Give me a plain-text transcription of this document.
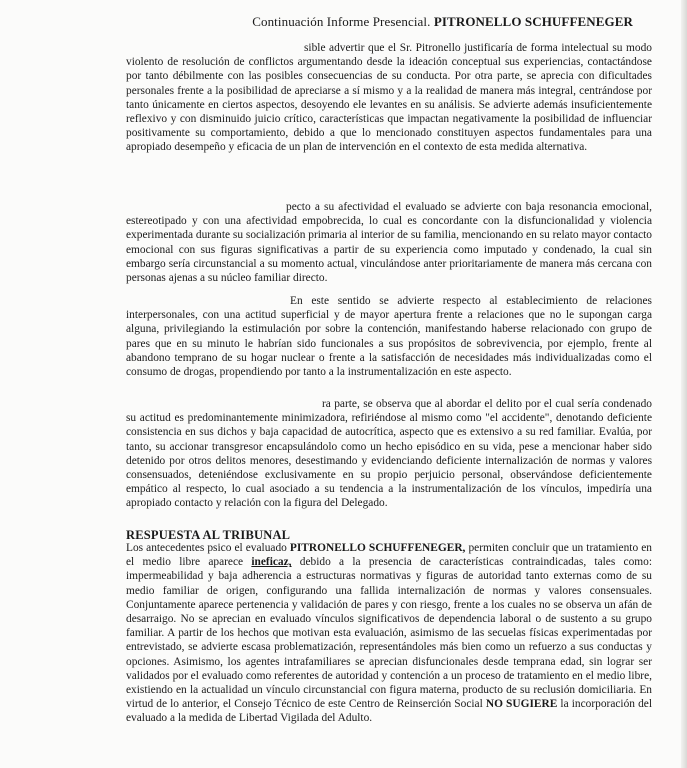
Continuación Informe Presencial. PITRONELLO SCHUFFENEGER
sible advertir que el Sr. Pitronello justificaría de forma intelectual su modo violento de resolución de conflictos argumentando desde la ideación conceptual sus experiencias, contactándose por tanto débilmente con las posibles consecuencias de su conducta. Por otra parte, se aprecia con dificultades personales frente a la posibilidad de apreciarse a sí mismo y a la realidad de manera más integral, centrándose por tanto únicamente en ciertos aspectos, desoyendo ele levantes en su análisis. Se advierte además insuficientemente reflexivo y con disminuido juicio crítico, características que impactan negativamente la posibilidad de influenciar positivamente su comportamiento, debido a que lo mencionado constituyen aspectos fundamentales para una apropiado desempeño y eficacia de un plan de intervención en el contexto de esta medida alternativa.
pecto a su afectividad el evaluado se advierte con baja resonancia emocional, estereotipado y con una afectividad empobrecida, lo cual es concordante con la disfuncionalidad y violencia experimentada durante su socialización primaria al interior de su familia, mencionando en su relato mayor contacto emocional con sus figuras significativas a partir de su experiencia como imputado y condenado, la cual sin embargo sería circunstancial a su momento actual, vinculándose anter prioritariamente de manera más cercana con personas ajenas a su núcleo familiar directo.
En este sentido se advierte respecto al establecimiento de relaciones interpersonales, con una actitud superficial y de mayor apertura frente a relaciones que no le supongan carga alguna, privilegiando la estimulación por sobre la contención, manifestando haberse relacionado con grupo de pares que en su minuto le habrían sido funcionales a sus propósitos de sobrevivencia, por ejemplo, frente al abandono temprano de su hogar nuclear o frente a la satisfacción de necesidades más individualizadas como el consumo de drogas, propendiendo por tanto a la instrumentalización en este aspecto.
ra parte, se observa que al abordar el delito por el cual sería condenado su actitud es predominantemente minimizadora, refiriéndose al mismo como "el accidente", denotando deficiente consistencia en sus dichos y baja capacidad de autocrítica, aspecto que es extensivo a su red familiar. Evalúa, por tanto, su accionar transgresor encapsulándolo como un hecho episódico en su vida, pese a mencionar haber sido detenido por otros delitos menores, desestimando y evidenciando deficiente internalización de normas y valores consensuados, deteniéndose exclusivamente en su propio perjuicio personal, observándose deficientemente empático al respecto, lo cual asociado a su tendencia a la instrumentalización de los vínculos, impediría una apropiado contacto y relación con la figura del Delegado.
RESPUESTA AL TRIBUNAL
Los antecedentes psico el evaluado PITRONELLO SCHUFFENEGER, permiten concluir que un tratamiento en el medio libre aparece ineficaz, debido a la presencia de características contraindicadas, tales como: impermeabilidad y baja adherencia a estructuras normativas y figuras de autoridad tanto externas como de su medio familiar de origen, configurando una fallida internalización de normas y valores consensuales. Conjuntamente aparece pertenencia y validación de pares y con riesgo, frente a los cuales no se observa un afán de desarraigo. No se aprecian en evaluado vínculos significativos de dependencia laboral o de sustento a su grupo familiar. A partir de los hechos que motivan esta evaluación, asimismo de las secuelas físicas experimentadas por entrevistado, se advierte escasa problematización, representándoles más bien como un refuerzo a sus conductas y opciones. Asimismo, los agentes intrafamiliares se aprecian disfuncionales desde temprana edad, sin lograr ser validados por el evaluado como referentes de autoridad y contención a un proceso de tratamiento en el medio libre, existiendo en la actualidad un vínculo circunstancial con figura materna, producto de su reclusión domiciliaria. En virtud de lo anterior, el Consejo Técnico de este Centro de Reinserción Social NO SUGIERE la incorporación del evaluado a la medida de Libertad Vigilada del Adulto.
